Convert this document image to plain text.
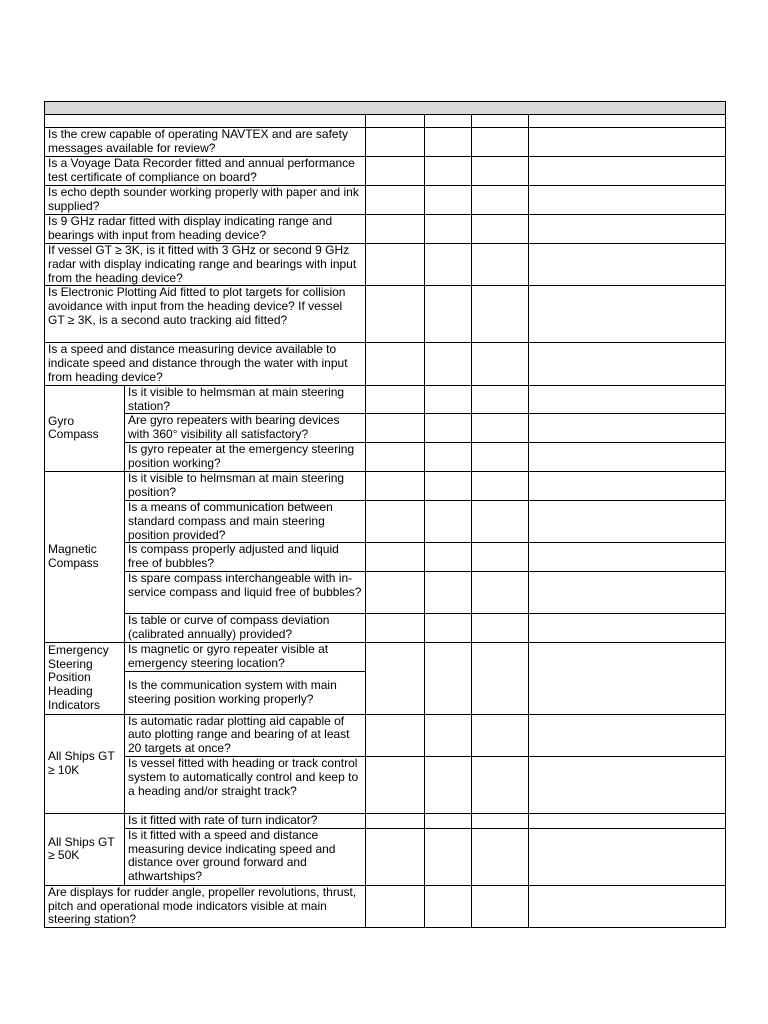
Is the crew capable of operating NAVTEX and are safety messages available for review?					
Is a Voyage Data Recorder fitted and annual performance test certificate of compliance on board?					
Is echo depth sounder working properly with paper and ink supplied?					
Is 9 GHz radar fitted with display indicating range and bearings with input from heading device?					
If vessel GT ≥ 3K, is it fitted with 3 GHz or second 9 GHz radar with display indicating range and bearings with input from the heading device?					
Is Electronic Plotting Aid fitted to plot targets for collision avoidance with input from the heading device? If vessel GT ≥ 3K, is a second auto tracking aid fitted?					
Is a speed and distance measuring device available to indicate speed and distance through the water with input from heading device?					
Gyro Compass	Is it visible to helmsman at main steering station?				
	Are gyro repeaters with bearing devices with 360° visibility all satisfactory?				
	Is gyro repeater at the emergency steering position working?				
Magnetic Compass	Is it visible to helmsman at main steering position?				
	Is a means of communication between standard compass and main steering position provided?				
	Is compass properly adjusted and liquid free of bubbles?				
	Is spare compass interchangeable with in-service compass and liquid free of bubbles?				
	Is table or curve of compass deviation (calibrated annually) provided?				
Emergency Steering Position Heading Indicators	Is magnetic or gyro repeater visible at emergency steering location?				
	Is the communication system with main steering position working properly?				
All Ships GT ≥ 10K	Is automatic radar plotting aid capable of auto plotting range and bearing of at least 20 targets at once?				
	Is vessel fitted with heading or track control system to automatically control and keep to a heading and/or straight track?				
All Ships GT ≥ 50K	Is it fitted with rate of turn indicator?				
	Is it fitted with a speed and distance measuring device indicating speed and distance over ground forward and athwartships?				
Are displays for rudder angle, propeller revolutions, thrust, pitch and operational mode indicators visible at main steering station?					
